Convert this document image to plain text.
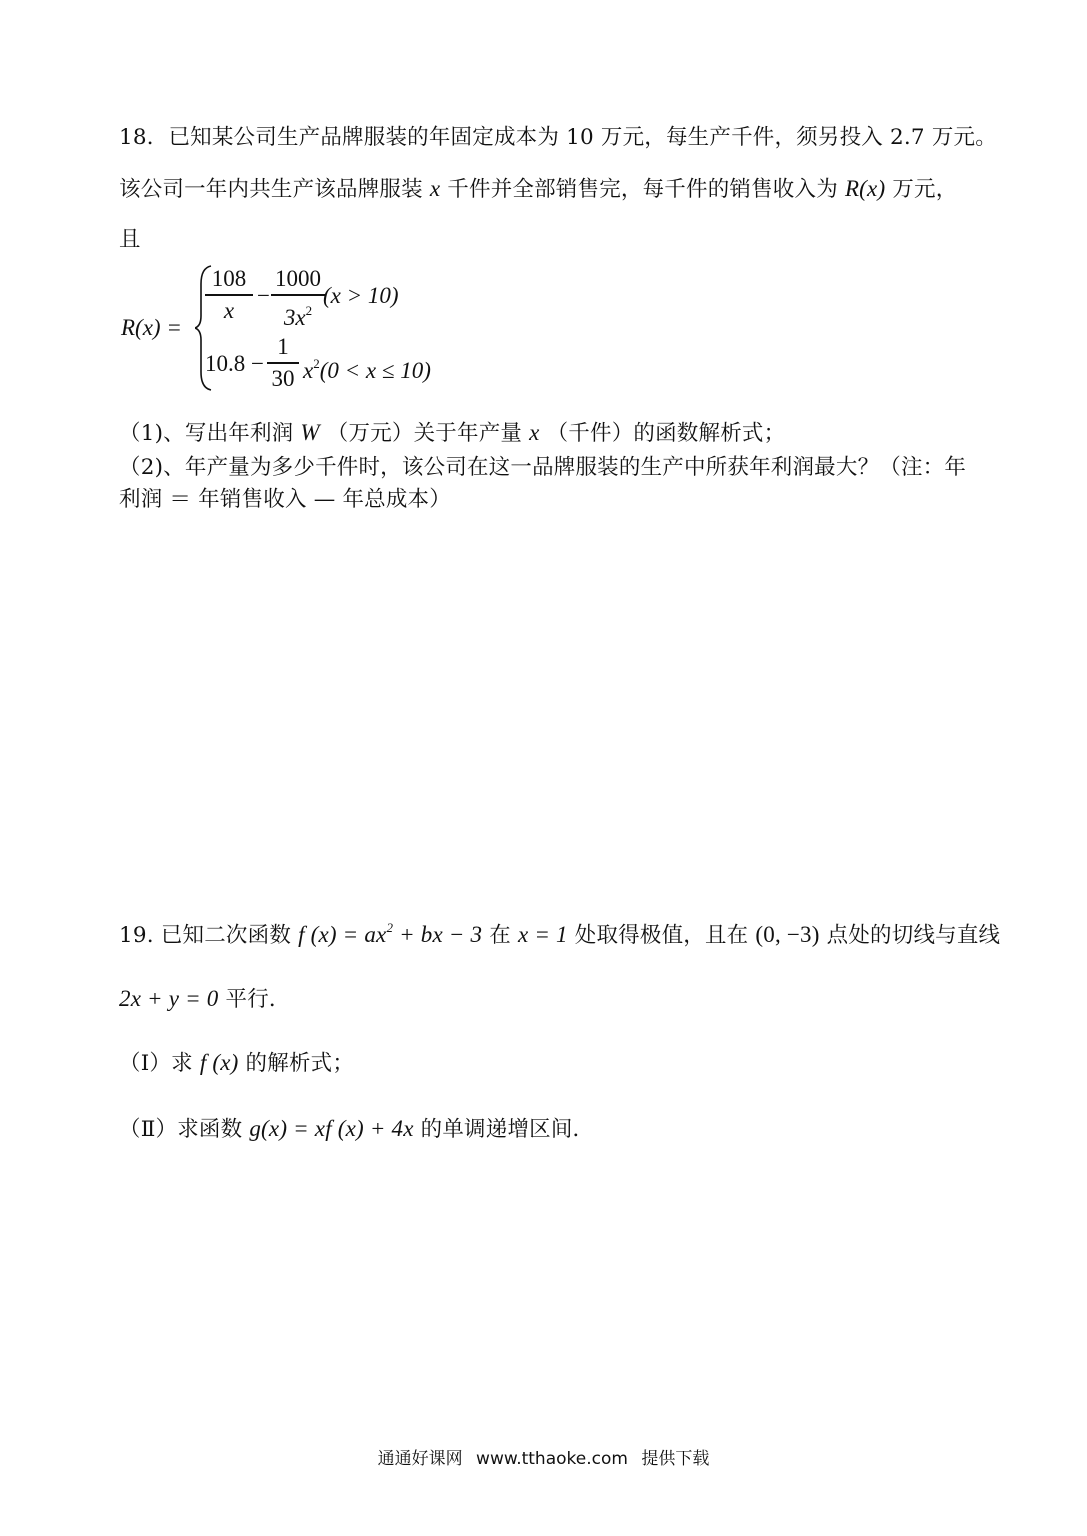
18．已知某公司生产品牌服装的年固定成本为 10 万元，每生产千件，须另投入 2.7 万元。
该公司一年内共生产该品牌服装 x 千件并全部销售完，每千件的销售收入为 R(x) 万元，
且
R(x) =
108
x
−
1000
$3x^2$
(x > 10)
10.8 −
1
30 $x^2(0 < x \le 10)$
（1)、写出年利润 W （万元）关于年产量 x （千件）的函数解析式；
（2)、年产量为多少千件时，该公司在这一品牌服装的生产中所获年利润最大？（注：年
利润 ＝ 年销售收入 — 年总成本）
19. 已知二次函数 f $(x) = ax^2$ + bx − 3 在 x = 1 处取得极值，且在 (0, −3) 点处的切线与直线
2x + y = 0 平行．
（Ⅰ）求 f (x) 的解析式；
（Ⅱ）求函数 g(x) = xf (x) + 4x 的单调递增区间．
通通好课网 www.tthaoke.com 提供下载
